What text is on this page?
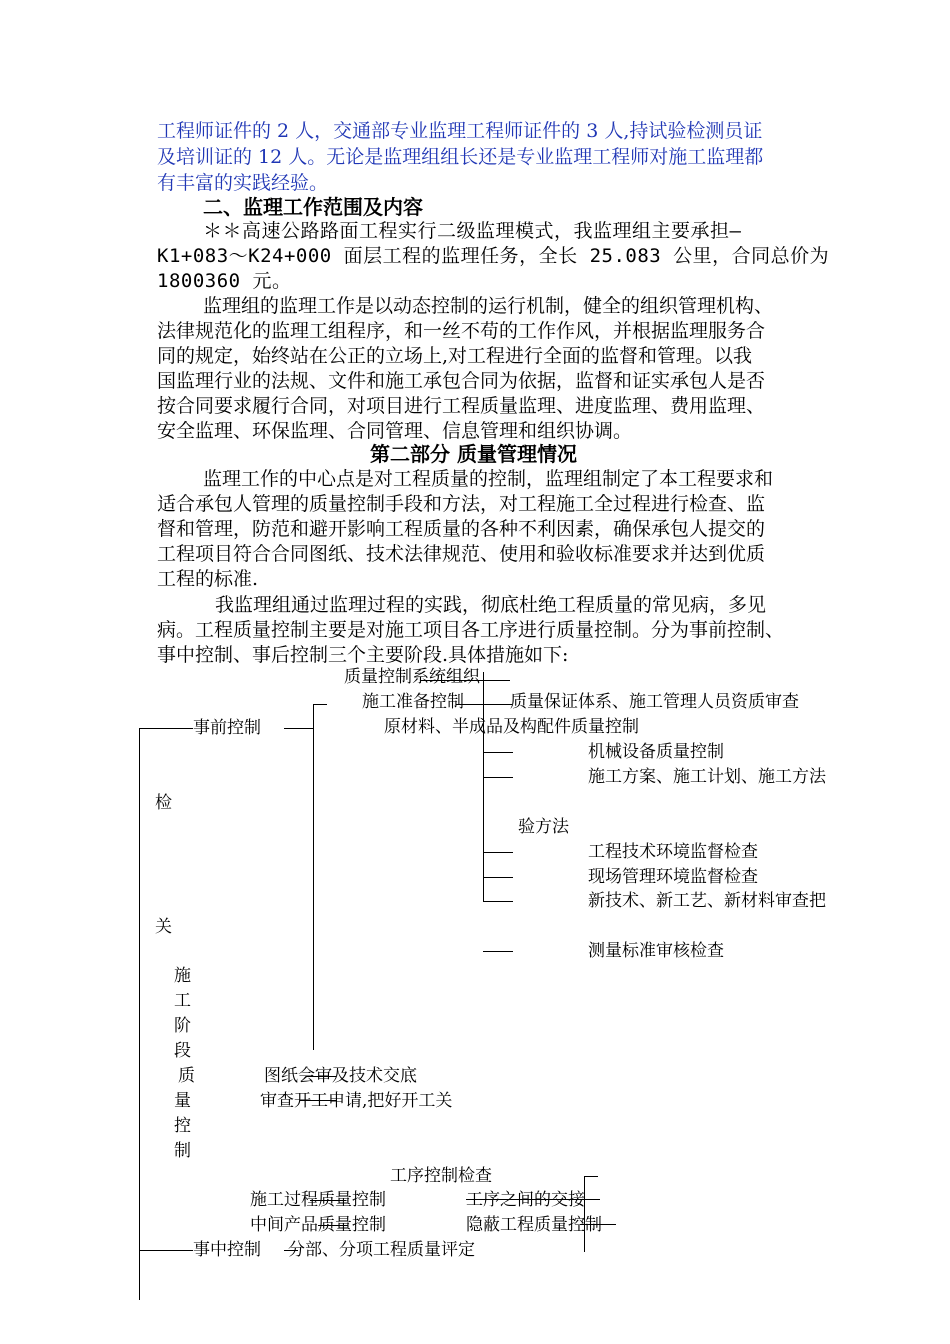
工程师证件的 2 人，交通部专业监理工程师证件的 3 人,持试验检测员证
及培训证的 12 人。无论是监理组组长还是专业监理工程师对施工监理都
有丰富的实践经验。
二、监理工作范围及内容
＊＊高速公路路面工程实行二级监理模式，我监理组主要承担—
K1+083～K24+000 面层工程的监理任务，全长 25.083 公里，合同总价为
1800360 元。
监理组的监理工作是以动态控制的运行机制，健全的组织管理机构、
法律规范化的监理工组程序，和一丝不苟的工作作风，并根据监理服务合
同的规定，始终站在公正的立场上,对工程进行全面的监督和管理。以我
国监理行业的法规、文件和施工承包合同为依据，监督和证实承包人是否
按合同要求履行合同，对项目进行工程质量监理、进度监理、费用监理、
安全监理、环保监理、合同管理、信息管理和组织协调。
第二部分 质量管理情况
监理工作的中心点是对工程质量的控制，监理组制定了本工程要求和
适合承包人管理的质量控制手段和方法，对工程施工全过程进行检查、监
督和管理，防范和避开影响工程质量的各种不利因素，确保承包人提交的
工程项目符合合同图纸、技术法律规范、使用和验收标准要求并达到优质
工程的标准.
我监理组通过监理过程的实践，彻底杜绝工程质量的常见病，多见
病。工程质量控制主要是对施工项目各工序进行质量控制。分为事前控制、
事中控制、事后控制三个主要阶段.具体措施如下:
质量控制系统组织
施工准备控制	质量保证体系、施工管理人员资质审查
事前控制	原材料、半成品及构配件质量控制
机械设备质量控制
施工方案、施工计划、施工方法
检
验方法
工程技术环境监督检查
现场管理环境监督检查
新技术、新工艺、新材料审查把
关
测量标准审核检查
施
工
阶
段
质
量
控
制
图纸会审及技术交底
审查开工申请,把好开工关
工序控制检查
施工过程质量控制	工序之间的交接
中间产品质量控制	隐蔽工程质量控制
事中控制 分部、分项工程质量评定
